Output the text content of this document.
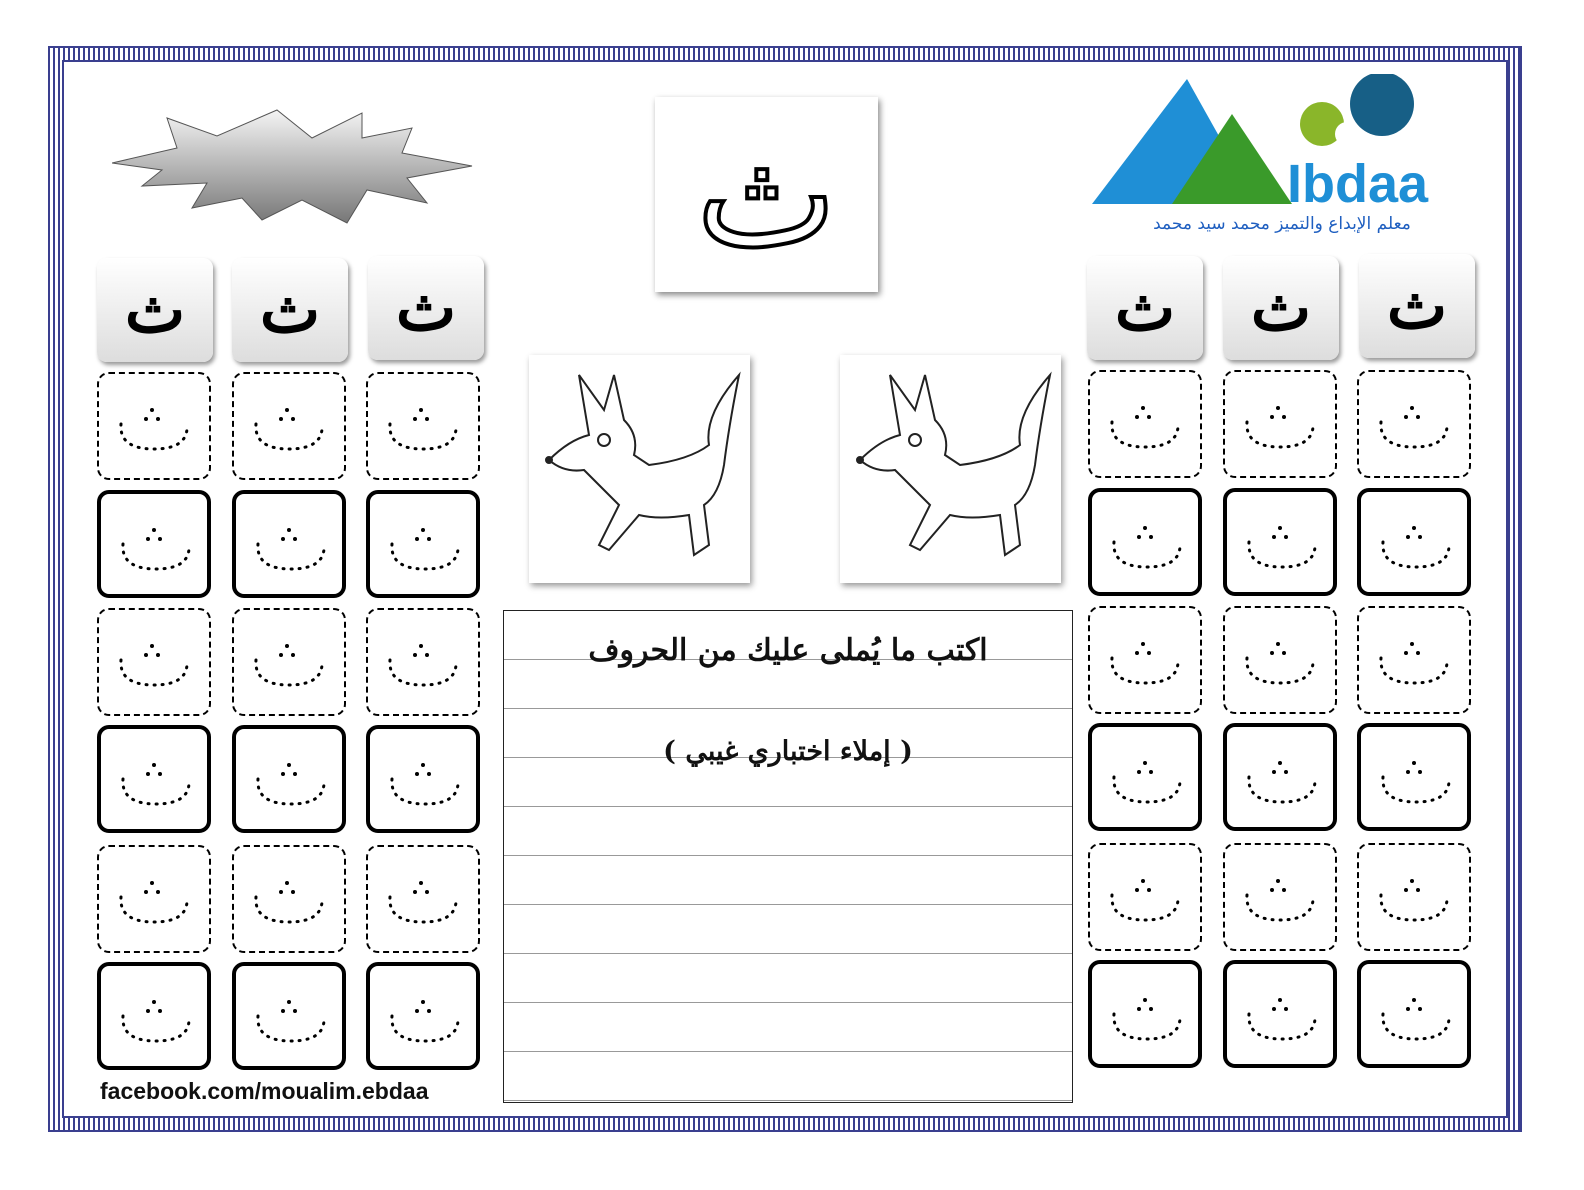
ث	Ibdaa
معلم الإبداع والتميز محمد سيد محمد
ث	ث	ث	ث	ث	ث
اكتب ما يُملى عليك من الحروف
( إملاء اختباري غيبي )
facebook.com/moualim.ebdaa
